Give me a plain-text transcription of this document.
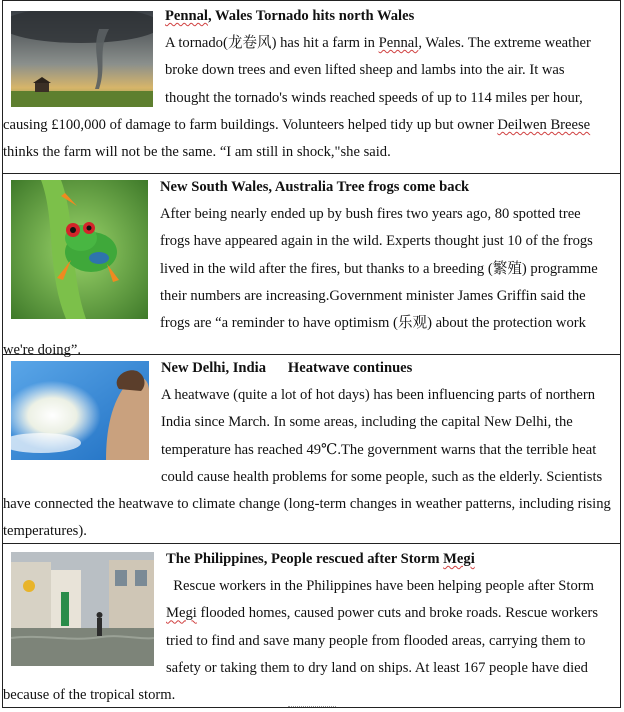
Pennal, Wales Tornado hits north Wales
A tornado(龙卷风) has hit a farm in Pennal, Wales. The extreme weather broke down trees and even lifted sheep and lambs into the air. It was thought the tornado's winds reached speeds of up to 114 miles per hour, causing £100,000 of damage to farm buildings. Volunteers helped tidy up but owner Deilwen Breese thinks the farm will not be the same. “I am still in shock,"she said.
New South Wales, Australia Tree frogs come back
After being nearly ended up by bush fires two years ago, 80 spotted tree frogs have appeared again in the wild. Experts thought just 10 of the frogs lived in the wild after the fires, but thanks to a breeding (繁殖) programme their numbers are increasing.Government minister James Griffin said the frogs are “a reminder to have optimism (乐观) about the protection work we're doing”.
New Delhi, India      Heatwave continues
A heatwave (quite a lot of hot days) has been influencing parts of northern India since March. In some areas, including the capital New Delhi, the temperature has reached 49℃.The government warns that the terrible heat could cause health problems for some people, such as the elderly. Scientists have connected the heatwave to climate change (long-term changes in weather patterns, including rising temperatures).
The Philippines, People rescued after Storm Megi
Rescue workers in the Philippines have been helping people after Storm Megi flooded homes, caused power cuts and broke roads. Rescue workers tried to find and save many people from flooded areas, carrying them to safety or taking them to dry land on ships. At least 167 people have died because of the tropical storm.
